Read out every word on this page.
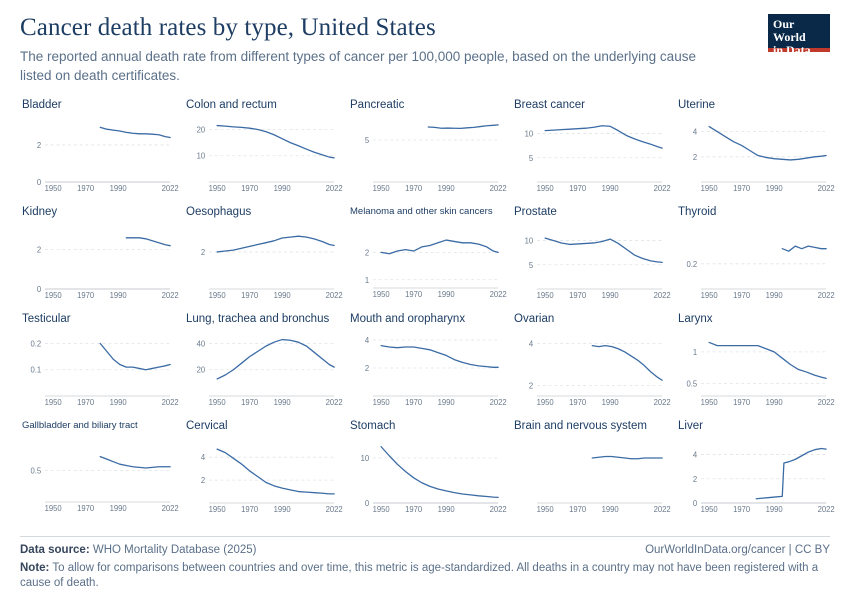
Cancer death rates by type, United States

The reported annual death rate from different types of cancer per 100,000 people, based on the underlying cause listed on death certificates.

Our World
in Data
Bladder
0
2
1950 1970 1990	2022
Colon and rectum
10
20
1950 1970 1990	2022
Pancreatic
5
1950 1970 1990	2022
Breast cancer
5
10
1950 1970 1990	2022
Uterine
2
4
1950 1970 1990	2022
Kidney
0
2
1950 1970 1990	2022
Oesophagus
2
1950 1970 1990	2022
Melanoma and other skin cancers
1
2
1950 1970 1990	2022
Prostate
5
10
1950 1970 1990	2022
Thyroid
0.2
1950 1970 1990	2022
Testicular
0.1
0.2
1950 1970 1990	2022
Lung, trachea and bronchus
20
40
1950 1970 1990	2022
Mouth and oropharynx
2
4
1950 1970 1990	2022
Ovarian
2
4
1950 1970 1990	2022
Larynx
0.5
1
1950 1970 1990	2022
Gallbladder and biliary tract
0.5
1950 1970 1990	2022
Cervical
2
4
1950 1970 1990	2022
Stomach
0
10
1950 1970 1990	2022
Brain and nervous system
1950 1970 1990	2022
Liver
0
2
4
1950 1970 1990	2022
Data source: WHO Mortality Database (2025)	OurWorldInData.org/cancer | CC BY
Note: To allow for comparisons between countries and over time, this metric is age-standardized. All deaths in a country may not have been registered with a cause of death.
